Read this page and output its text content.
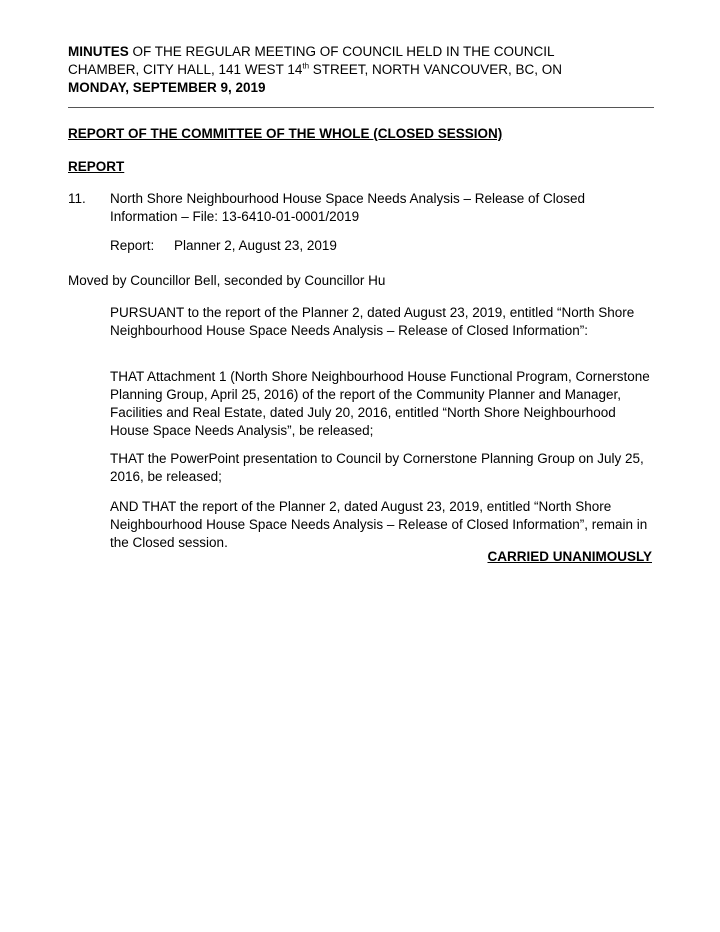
MINUTES OF THE REGULAR MEETING OF COUNCIL HELD IN THE COUNCIL

CHAMBER, CITY HALL, 141 WEST 14th STREET, NORTH VANCOUVER, BC, ON

MONDAY, SEPTEMBER 9, 2019

REPORT OF THE COMMITTEE OF THE WHOLE (CLOSED SESSION)
REPORT
11. North Shore Neighbourhood House Space Needs Analysis – Release of Closed
Information – File: 13-6410-01-0001/2019
Report: Planner 2, August 23, 2019
Moved by Councillor Bell, seconded by Councillor Hu

PURSUANT to the report of the Planner 2, dated August 23, 2019, entitled “North Shore Neighbourhood House Space Needs Analysis – Release of Closed Information”:

THAT Attachment 1 (North Shore Neighbourhood House Functional Program, Cornerstone Planning Group, April 25, 2016) of the report of the Community Planner and Manager, Facilities and Real Estate, dated July 20, 2016, entitled “North Shore Neighbourhood House Space Needs Analysis”, be released;

THAT the PowerPoint presentation to Council by Cornerstone Planning Group on July 25, 2016, be released;

AND THAT the report of the Planner 2, dated August 23, 2019, entitled “North Shore Neighbourhood House Space Needs Analysis – Release of Closed Information”, remain in the Closed session.

CARRIED UNANIMOUSLY
